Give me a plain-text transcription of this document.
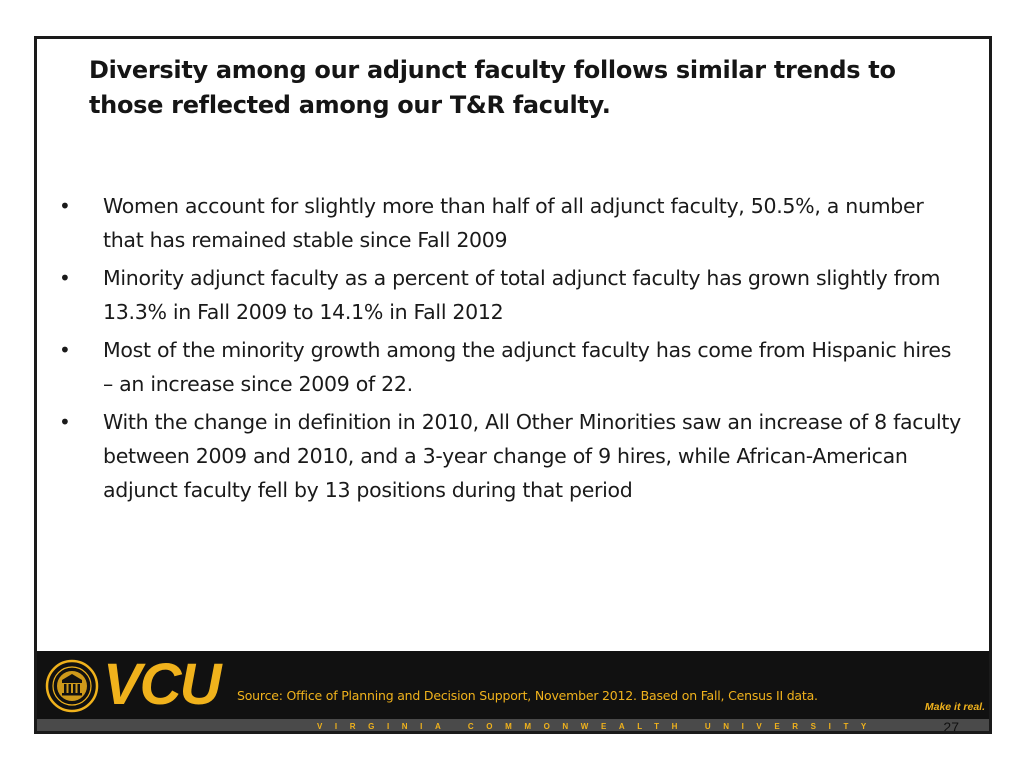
Diversity among our adjunct faculty follows similar trends to those reflected among our T&R faculty.
• Women account for slightly more than half of all adjunct faculty, 50.5%, a number that has remained stable since Fall 2009
• Minority adjunct faculty as a percent of total adjunct faculty has grown slightly from 13.3% in Fall 2009 to 14.1% in Fall 2012
• Most of the minority growth among the adjunct faculty has come from Hispanic hires – an increase since 2009 of 22.
• With the change in definition in 2010, All Other Minorities saw an increase of 8 faculty between 2009 and 2010, and a 3-year change of 9 hires, while African-American adjunct faculty fell by 13 positions during that period
VCU Source: Office of Planning and Decision Support, November 2012. Based on Fall, Census II data.
Make it real.
VIRGINIA COMMONWEALTH UNIVERSITY	27
